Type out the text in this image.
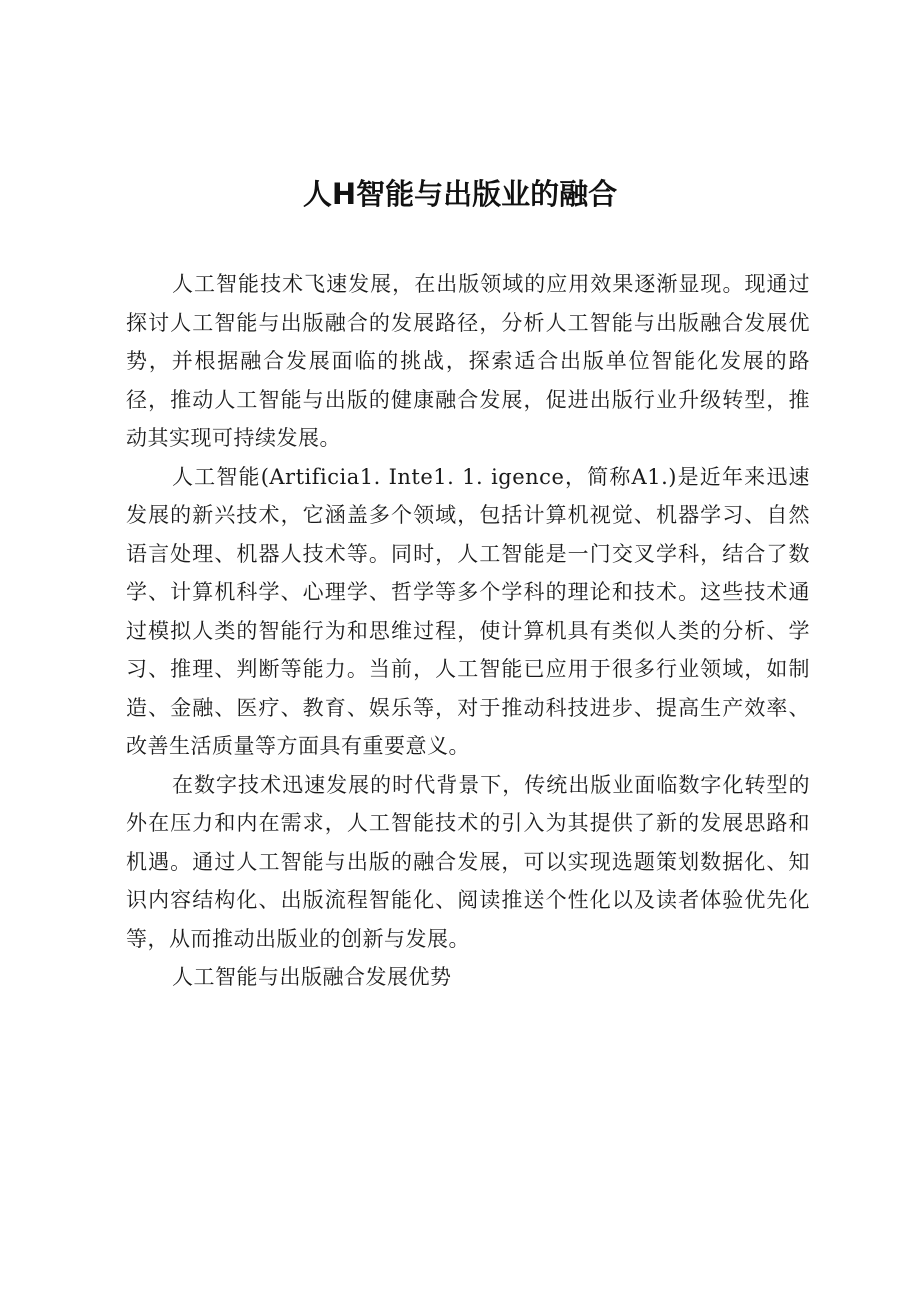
人H智能与出版业的融合

人工智能技术飞速发展，在出版领域的应用效果逐渐显现。现通过探讨人工智能与出版融合的发展路径，分析人工智能与出版融合发展优势，并根据融合发展面临的挑战，探索适合出版单位智能化发展的路径，推动人工智能与出版的健康融合发展，促进出版行业升级转型，推动其实现可持续发展。

人工智能(Artificia1. Inte1. 1. igence，简称A1.)是近年来迅速发展的新兴技术，它涵盖多个领域，包括计算机视觉、机器学习、自然语言处理、机器人技术等。同时，人工智能是一门交叉学科，结合了数学、计算机科学、心理学、哲学等多个学科的理论和技术。这些技术通过模拟人类的智能行为和思维过程，使计算机具有类似人类的分析、学习、推理、判断等能力。当前，人工智能已应用于很多行业领域，如制造、金融、医疗、教育、娱乐等，对于推动科技进步、提高生产效率、改善生活质量等方面具有重要意义。

在数字技术迅速发展的时代背景下，传统出版业面临数字化转型的外在压力和内在需求，人工智能技术的引入为其提供了新的发展思路和机遇。通过人工智能与出版的融合发展，可以实现选题策划数据化、知识内容结构化、出版流程智能化、阅读推送个性化以及读者体验优先化等，从而推动出版业的创新与发展。

人工智能与出版融合发展优势
